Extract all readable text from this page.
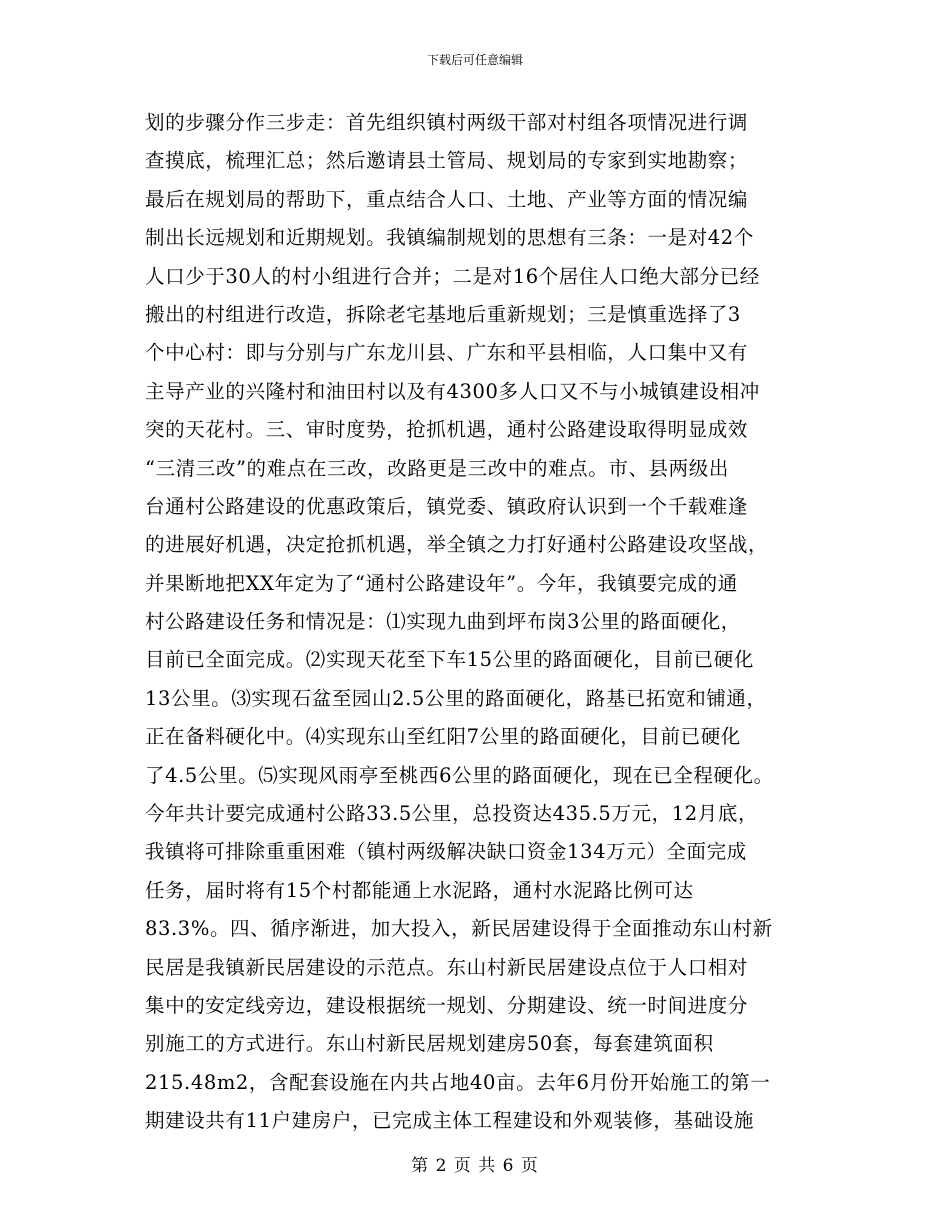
下载后可任意编辑
划的步骤分作三步走：首先组织镇村两级干部对村组各项情况进行调
查摸底，梳理汇总；然后邀请县土管局、规划局的专家到实地勘察；
最后在规划局的帮助下，重点结合人口、土地、产业等方面的情况编
制出长远规划和近期规划。我镇编制规划的思想有三条：一是对42个
人口少于30人的村小组进行合并；二是对16个居住人口绝大部分已经
搬出的村组进行改造，拆除老宅基地后重新规划；三是慎重选择了3
个中心村：即与分别与广东龙川县、广东和平县相临，人口集中又有
主导产业的兴隆村和油田村以及有4300多人口又不与小城镇建设相冲
突的天花村。三、审时度势，抢抓机遇，通村公路建设取得明显成效
“三清三改”的难点在三改，改路更是三改中的难点。市、县两级出
台通村公路建设的优惠政策后，镇党委、镇政府认识到一个千载难逢
的进展好机遇，决定抢抓机遇，举全镇之力打好通村公路建设攻坚战，
并果断地把XX年定为了“通村公路建设年”。今年，我镇要完成的通
村公路建设任务和情况是：⑴实现九曲到坪布岗3公里的路面硬化，
目前已全面完成。⑵实现天花至下车15公里的路面硬化，目前已硬化
13公里。⑶实现石盆至园山2.5公里的路面硬化，路基已拓宽和铺通，
正在备料硬化中。⑷实现东山至红阳7公里的路面硬化，目前已硬化
了4.5公里。⑸实现风雨亭至桃西6公里的路面硬化，现在已全程硬化。
今年共计要完成通村公路33.5公里，总投资达435.5万元，12月底，
我镇将可排除重重困难（镇村两级解决缺口资金134万元）全面完成
任务，届时将有15个村都能通上水泥路，通村水泥路比例可达
83.3%。四、循序渐进，加大投入，新民居建设得于全面推动东山村新
民居是我镇新民居建设的示范点。东山村新民居建设点位于人口相对
集中的安定线旁边，建设根据统一规划、分期建设、统一时间进度分
别施工的方式进行。东山村新民居规划建房50套，每套建筑面积
215.48m2，含配套设施在内共占地40亩。去年6月份开始施工的第一
期建设共有11户建房户，已完成主体工程建设和外观装修，基础设施
第 2 页 共 6 页
